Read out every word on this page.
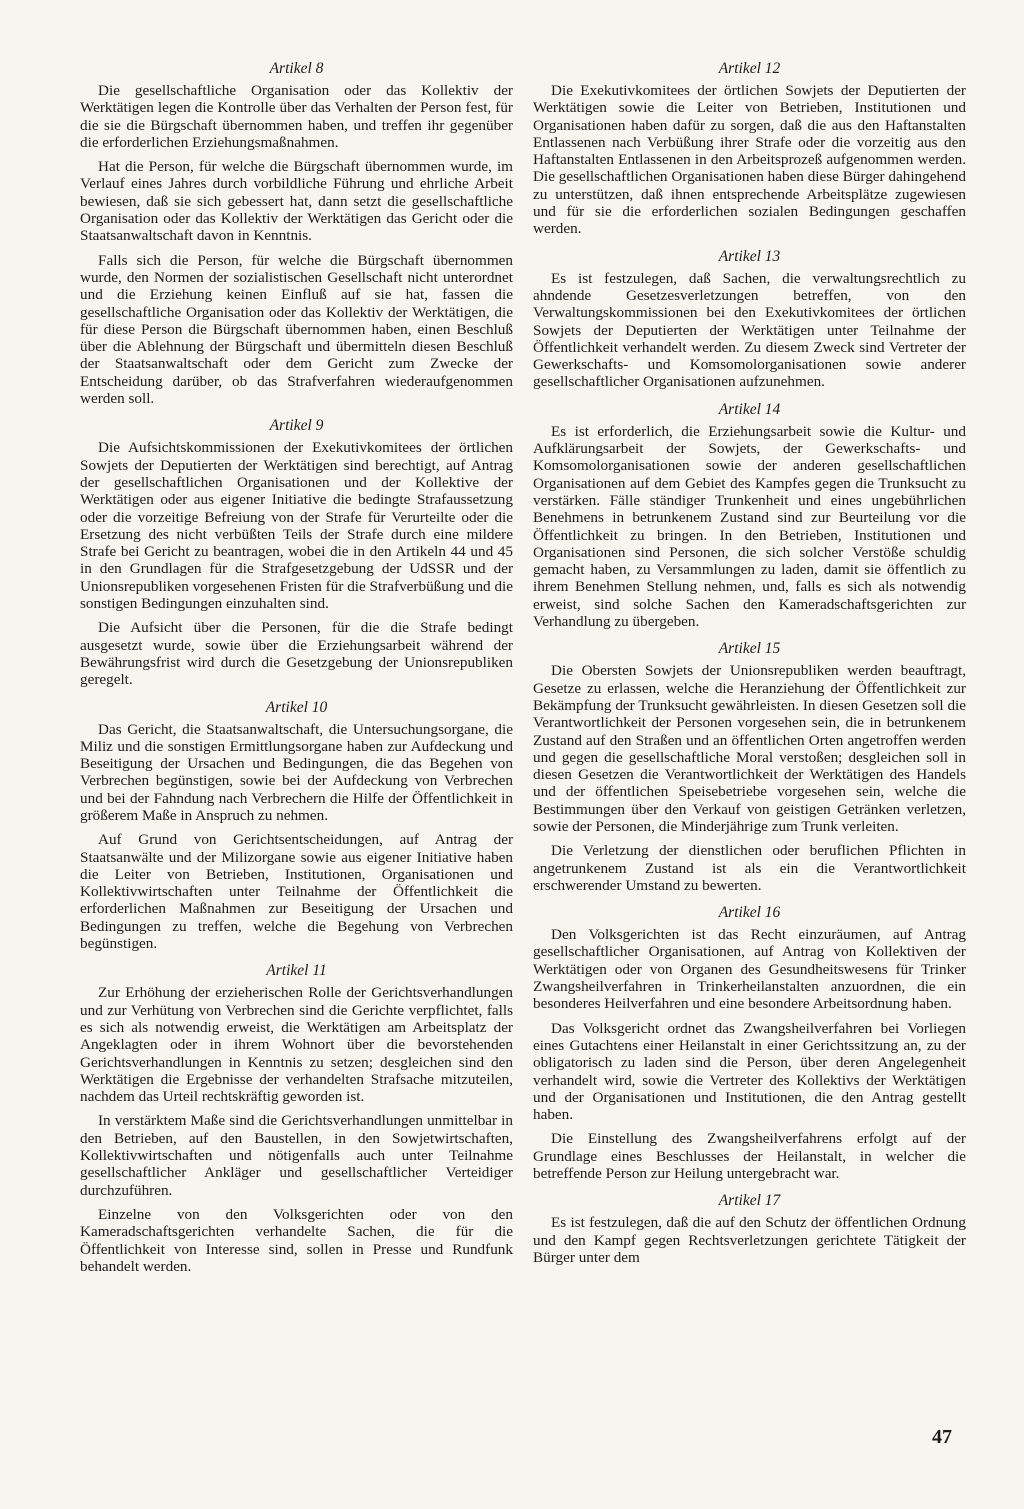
Artikel 8

Die gesellschaftliche Organisation oder das Kollektiv der Werktätigen legen die Kontrolle über das Verhalten der Person fest, für die sie die Bürgschaft übernommen haben, und treffen ihr gegenüber die erforderlichen Erziehungsmaßnahmen.

Hat die Person, für welche die Bürgschaft übernommen wurde, im Verlauf eines Jahres durch vorbildliche Führung und ehrliche Arbeit bewiesen, daß sie sich gebessert hat, dann setzt die gesellschaftliche Organisation oder das Kollektiv der Werktätigen das Gericht oder die Staatsanwaltschaft davon in Kenntnis.

Falls sich die Person, für welche die Bürgschaft übernommen wurde, den Normen der sozialistischen Gesellschaft nicht unterordnet und die Erziehung keinen Einfluß auf sie hat, fassen die gesellschaftliche Organisation oder das Kollektiv der Werktätigen, die für diese Person die Bürgschaft übernommen haben, einen Beschluß über die Ablehnung der Bürgschaft und übermitteln diesen Beschluß der Staatsanwaltschaft oder dem Gericht zum Zwecke der Entscheidung darüber, ob das Strafverfahren wiederaufgenommen werden soll.

Artikel 9

Die Aufsichtskommissionen der Exekutivkomitees der örtlichen Sowjets der Deputierten der Werktätigen sind berechtigt, auf Antrag der gesellschaftlichen Organisationen und der Kollektive der Werktätigen oder aus eigener Initiative die bedingte Strafaussetzung oder die vorzeitige Befreiung von der Strafe für Verurteilte oder die Ersetzung des nicht verbüßten Teils der Strafe durch eine mildere Strafe bei Gericht zu beantragen, wobei die in den Artikeln 44 und 45 in den Grundlagen für die Strafgesetzgebung der UdSSR und der Unionsrepubliken vorgesehenen Fristen für die Strafverbüßung und die sonstigen Bedingungen einzuhalten sind.

Die Aufsicht über die Personen, für die die Strafe bedingt ausgesetzt wurde, sowie über die Erziehungsarbeit während der Bewährungsfrist wird durch die Gesetzgebung der Unionsrepubliken geregelt.

Artikel 10

Das Gericht, die Staatsanwaltschaft, die Untersuchungsorgane, die Miliz und die sonstigen Ermittlungsorgane haben zur Aufdeckung und Beseitigung der Ursachen und Bedingungen, die das Begehen von Verbrechen begünstigen, sowie bei der Aufdeckung von Verbrechen und bei der Fahndung nach Verbrechern die Hilfe der Öffentlichkeit in größerem Maße in Anspruch zu nehmen.

Auf Grund von Gerichtsentscheidungen, auf Antrag der Staatsanwälte und der Milizorgane sowie aus eigener Initiative haben die Leiter von Betrieben, Institutionen, Organisationen und Kollektivwirtschaften unter Teilnahme der Öffentlichkeit die erforderlichen Maßnahmen zur Beseitigung der Ursachen und Bedingungen zu treffen, welche die Begehung von Verbrechen begünstigen.

Artikel 11

Zur Erhöhung der erzieherischen Rolle der Gerichtsverhandlungen und zur Verhütung von Verbrechen sind die Gerichte verpflichtet, falls es sich als notwendig erweist, die Werktätigen am Arbeitsplatz der Angeklagten oder in ihrem Wohnort über die bevorstehenden Gerichtsverhandlungen in Kenntnis zu setzen; desgleichen sind den Werktätigen die Ergebnisse der verhandelten Strafsache mitzuteilen, nachdem das Urteil rechtskräftig geworden ist.

In verstärktem Maße sind die Gerichtsverhandlungen unmittelbar in den Betrieben, auf den Baustellen, in den Sowjetwirtschaften, Kollektivwirtschaften und nötigenfalls auch unter Teilnahme gesellschaftlicher Ankläger und gesellschaftlicher Verteidiger durchzuführen.

Einzelne von den Volksgerichten oder von den Kameradschaftsgerichten verhandelte Sachen, die für die Öffentlichkeit von Interesse sind, sollen in Presse und Rundfunk behandelt werden.

Artikel 12

Die Exekutivkomitees der örtlichen Sowjets der Deputierten der Werktätigen sowie die Leiter von Betrieben, Institutionen und Organisationen haben dafür zu sorgen, daß die aus den Haftanstalten Entlassenen nach Verbüßung ihrer Strafe oder die vorzeitig aus den Haftanstalten Entlassenen in den Arbeitsprozeß aufgenommen werden. Die gesellschaftlichen Organisationen haben diese Bürger dahingehend zu unterstützen, daß ihnen entsprechende Arbeitsplätze zugewiesen und für sie die erforderlichen sozialen Bedingungen geschaffen werden.

Artikel 13

Es ist festzulegen, daß Sachen, die verwaltungsrechtlich zu ahndende Gesetzesverletzungen betreffen, von den Verwaltungskommissionen bei den Exekutivkomitees der örtlichen Sowjets der Deputierten der Werktätigen unter Teilnahme der Öffentlichkeit verhandelt werden. Zu diesem Zweck sind Vertreter der Gewerkschafts- und Komsomolorganisationen sowie anderer gesellschaftlicher Organisationen aufzunehmen.

Artikel 14

Es ist erforderlich, die Erziehungsarbeit sowie die Kultur- und Aufklärungsarbeit der Sowjets, der Gewerkschafts- und Komsomolorganisationen sowie der anderen gesellschaftlichen Organisationen auf dem Gebiet des Kampfes gegen die Trunksucht zu verstärken. Fälle ständiger Trunkenheit und eines ungebührlichen Benehmens in betrunkenem Zustand sind zur Beurteilung vor die Öffentlichkeit zu bringen. In den Betrieben, Institutionen und Organisationen sind Personen, die sich solcher Verstöße schuldig gemacht haben, zu Versammlungen zu laden, damit sie öffentlich zu ihrem Benehmen Stellung nehmen, und, falls es sich als notwendig erweist, sind solche Sachen den Kameradschaftsgerichten zur Verhandlung zu übergeben.

Artikel 15

Die Obersten Sowjets der Unionsrepubliken werden beauftragt, Gesetze zu erlassen, welche die Heranziehung der Öffentlichkeit zur Bekämpfung der Trunksucht gewährleisten. In diesen Gesetzen soll die Verantwortlichkeit der Personen vorgesehen sein, die in betrunkenem Zustand auf den Straßen und an öffentlichen Orten angetroffen werden und gegen die gesellschaftliche Moral verstoßen; desgleichen soll in diesen Gesetzen die Verantwortlichkeit der Werktätigen des Handels und der öffentlichen Speisebetriebe vorgesehen sein, welche die Bestimmungen über den Verkauf von geistigen Getränken verletzen, sowie der Personen, die Minderjährige zum Trunk verleiten.

Die Verletzung der dienstlichen oder beruflichen Pflichten in angetrunkenem Zustand ist als ein die Verantwortlichkeit erschwerender Umstand zu bewerten.

Artikel 16

Den Volksgerichten ist das Recht einzuräumen, auf Antrag gesellschaftlicher Organisationen, auf Antrag von Kollektiven der Werktätigen oder von Organen des Gesundheitswesens für Trinker Zwangsheilverfahren in Trinkerheilanstalten anzuordnen, die ein besonderes Heilverfahren und eine besondere Arbeitsordnung haben.

Das Volksgericht ordnet das Zwangsheilverfahren bei Vorliegen eines Gutachtens einer Heilanstalt in einer Gerichtssitzung an, zu der obligatorisch zu laden sind die Person, über deren Angelegenheit verhandelt wird, sowie die Vertreter des Kollektivs der Werktätigen und der Organisationen und Institutionen, die den Antrag gestellt haben.

Die Einstellung des Zwangsheilverfahrens erfolgt auf der Grundlage eines Beschlusses der Heilanstalt, in welcher die betreffende Person zur Heilung untergebracht war.

Artikel 17

Es ist festzulegen, daß die auf den Schutz der öffentlichen Ordnung und den Kampf gegen Rechtsverletzungen gerichtete Tätigkeit der Bürger unter dem

47
